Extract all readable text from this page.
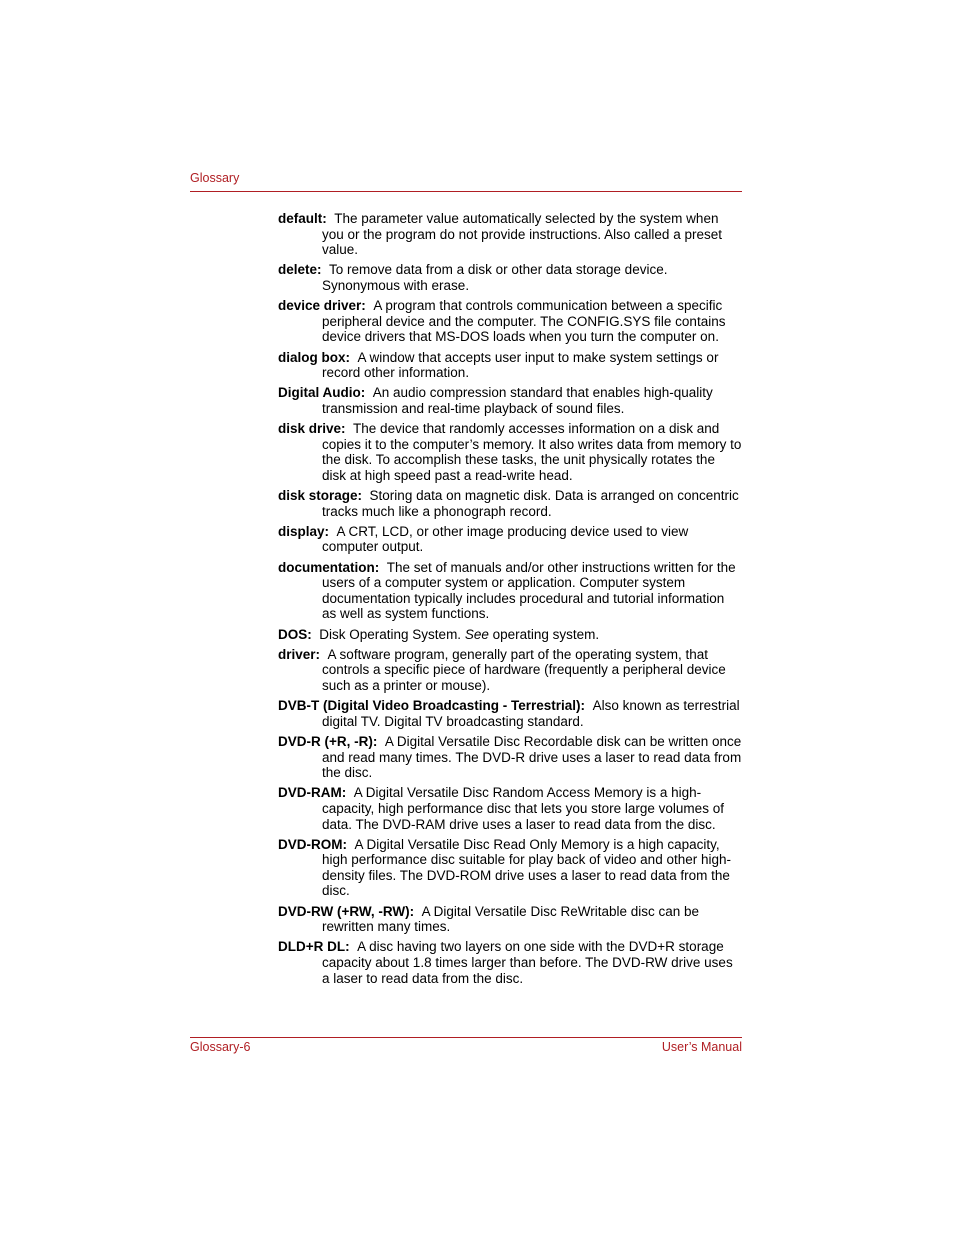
Glossary

default: The parameter value automatically selected by the system when you or the program do not provide instructions. Also called a preset value.

delete: To remove data from a disk or other data storage device. Synonymous with erase.

device driver: A program that controls communication between a specific peripheral device and the computer. The CONFIG.SYS file contains device drivers that MS-DOS loads when you turn the computer on.

dialog box: A window that accepts user input to make system settings or record other information.

Digital Audio: An audio compression standard that enables high-quality transmission and real-time playback of sound files.

disk drive: The device that randomly accesses information on a disk and copies it to the computer’s memory. It also writes data from memory to the disk. To accomplish these tasks, the unit physically rotates the disk at high speed past a read-write head.

disk storage: Storing data on magnetic disk. Data is arranged on concentric tracks much like a phonograph record.

display: A CRT, LCD, or other image producing device used to view computer output.

documentation: The set of manuals and/or other instructions written for the users of a computer system or application. Computer system documentation typically includes procedural and tutorial information as well as system functions.

DOS: Disk Operating System. See operating system.

driver: A software program, generally part of the operating system, that controls a specific piece of hardware (frequently a peripheral device such as a printer or mouse).

DVB-T (Digital Video Broadcasting - Terrestrial): Also known as terrestrial digital TV. Digital TV broadcasting standard.

DVD-R (+R, -R): A Digital Versatile Disc Recordable disk can be written once and read many times. The DVD-R drive uses a laser to read data from the disc.

DVD-RAM: A Digital Versatile Disc Random Access Memory is a high-capacity, high performance disc that lets you store large volumes of data. The DVD-RAM drive uses a laser to read data from the disc.

DVD-ROM: A Digital Versatile Disc Read Only Memory is a high capacity, high performance disc suitable for play back of video and other high-density files. The DVD-ROM drive uses a laser to read data from the disc.

DVD-RW (+RW, -RW): A Digital Versatile Disc ReWritable disc can be rewritten many times.

DLD+R DL: A disc having two layers on one side with the DVD+R storage capacity about 1.8 times larger than before. The DVD-RW drive uses a laser to read data from the disc.

Glossary-6	User’s Manual
